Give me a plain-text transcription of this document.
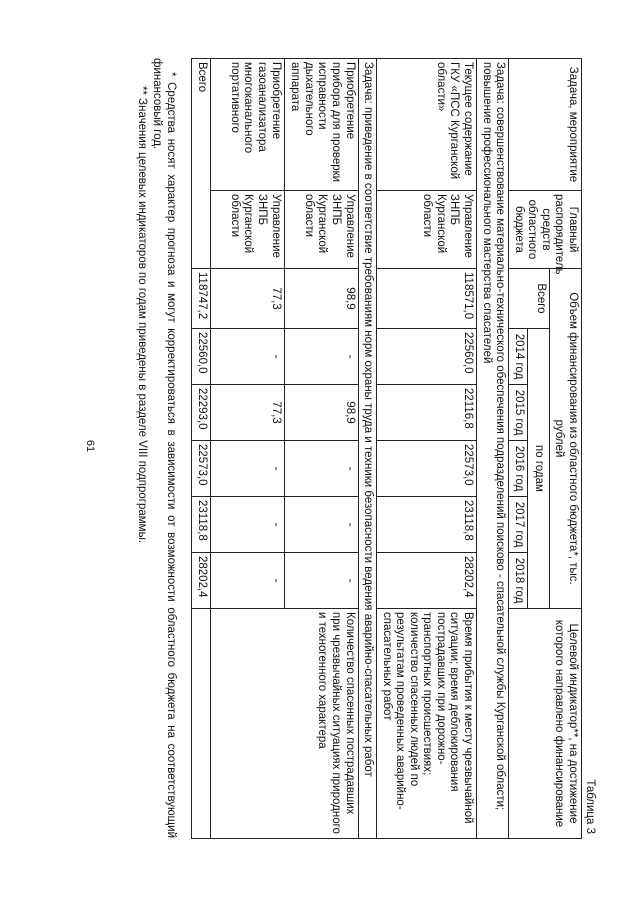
61
Таблица 3
Задача, мероприятие	Главный распорядитель средств областного бюджета	Объем финансирования из областного бюджета*, тыс. рублей						Целевой индикатор**, на достижение которого направлено финансирование
		Всего	по годам					
			2014 год	2015 год	2016 год	2017 год	2018 год	
Задача: совершенствование материально-технического обеспечения подразделений поисково - спасательной службы Курганской области; повышение профессионального мастерства спасателей								
Текущее содержание ГКУ «ПСС Курганской области»	Управление ЗНПБ Курганской области	118571,0	22560,0	22116,8	22573,0	23118,8	28202,4	Время прибытия к месту чрезвычайной ситуации; время деблокирования пострадавших при дорожно-транспортных происшествиях; количество спасенных людей по результатам проведенных аварийно-спасательных работ
Задача: приведение в соответствие требованиям норм охраны труда и техники безопасности ведения аварийно-спасательных работ								
Приобретение прибора для проверки исправности дыхательного аппарата	Управление ЗНПБ Курганской области	98,9	-	98,9	-	-	-	Количество спасенных пострадавших при чрезвычайных ситуациях природного и техногенного характера
Приобретение газоанализатора многоканального портативного	Управление ЗНПБ Курганской области	77,3	-	77,3	-	-	-	
Всего		118747,2	22560,0	22293,0	22573,0	23118,8	28202,4	

* Средства носят характер прогноза и могут корректироваться в зависимости от возможности областного бюджета на соответствующий финансовый год.

** Значения целевых индикаторов по годам приведены в разделе VIII подпрограммы.
